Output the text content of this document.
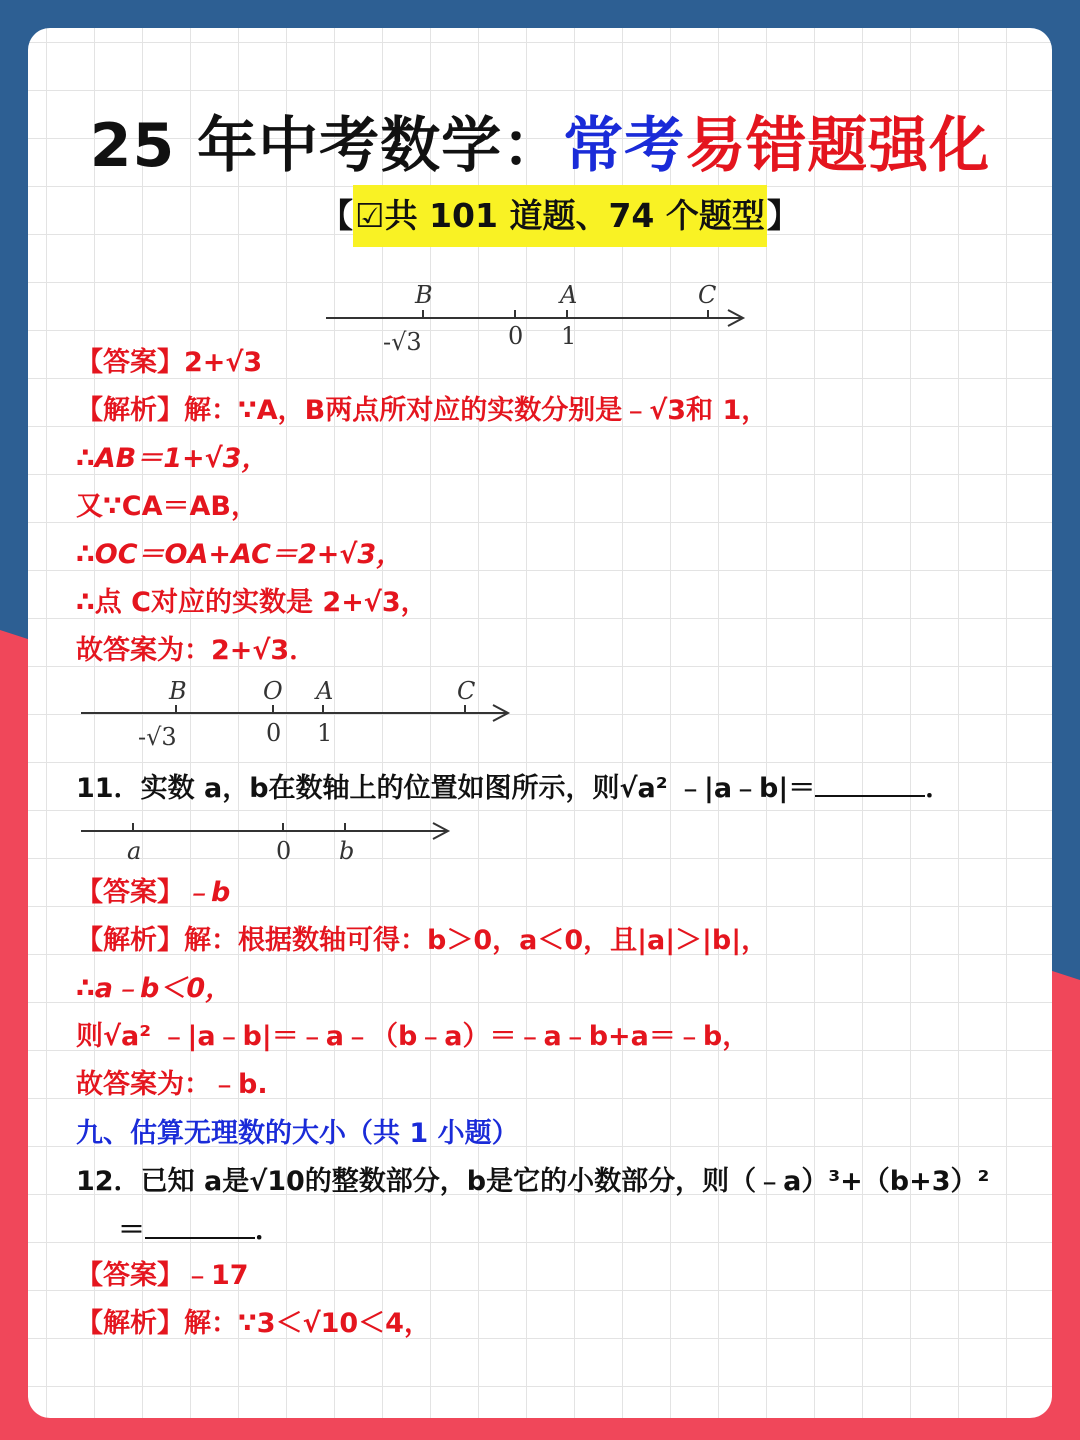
25 年中考数学：常考易错题强化
【☑共 101 道题、74 个题型】
B	A	C
-√3	0 1
【答案】2+√3
【解析】解：∵A，B两点所对应的实数分别是﹣√3和 1，
∴AB＝1+√3，
又∵CA＝AB，
∴OC＝OA+AC＝2+√3，
∴点 C对应的实数是 2+√3，
故答案为：2+√3．
B	O A	C
-√3	0 1
11．实数 a，b在数轴上的位置如图所示，则√a² ﹣|a﹣b|＝	．
a	0 b
【答案】﹣b
【解析】解：根据数轴可得：b＞0，a＜0，且|a|＞|b|，
∴a﹣b＜0，
则√a² ﹣|a﹣b|＝﹣a﹣（b﹣a）＝﹣a﹣b+a＝﹣b，
故答案为：﹣b.
九、估算无理数的大小（共 1 小题）
12．已知 a是√10的整数部分，b是它的小数部分，则（﹣a）³+（b+3）²
＝	．
【答案】﹣17
【解析】解：∵3＜√10＜4，
